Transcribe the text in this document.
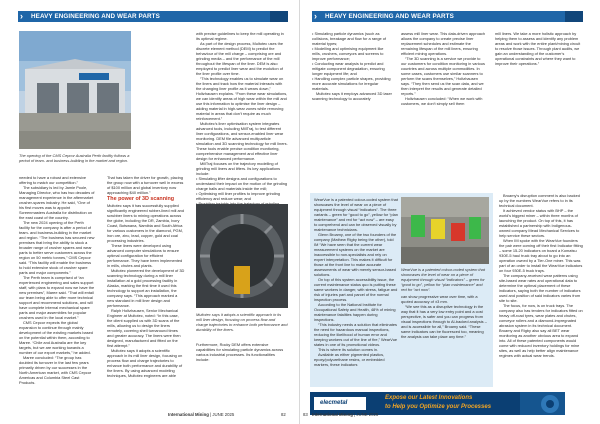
› HEAVY ENGINEERING AND WEAR PARTS
The opening of the CMS Cepcor Australia Perth facility follows a period of team- and business-building in the market and region.

needed to have a robust and extensive offering to match our competition.”

The subsidiary is led by Jamie Poole, Managing Director, who has two decades of management experience in the aftermarket crusher-spares industry. He said, “One of his first moves was to appoint Screenmasters Australia for distribution on the east coast of the country.

The new 2024 opening of the Perth facility for the company is after a period of team- and business-building in the market and region. “The business has secured new premises that bring the ability to stock a broader range of crusher spares and wear parts to better serve customers across the region on 50 metric tonnes,” CMS Cepcor said. “This facility will enable the business to hold extensive stock of crusher spare parts and major components.”

The Perth team is comprised of “an experienced engineering and sales support staff, with plans to expand now we have the new premises”, Maree said. “That will entail our team being able to offer more technical support and recommend solutions, and will have complete internal mechanical spare parts and major assemblies for popular crushers used in the local market.”

CMS Cepcor expects the global expansion to continue through mainly development of the existing markets based on the potential within them, according to Maree. “Chile and Australia are the key targets, but we are working towards a number of our export markets,” he added.

Maree concluded: “The group has doubled its turnover in the last few years primarily driven by our successes in the North American market, with CMS Cepcor Americas and Columbia Steel Cast Products.

That has taken the driver for growth, placing the group now with a turnover well in excess of $100 million and global inventory now approaching $40 million.”

The power of 3D scanning

Multotec says it has successfully supplied significantly engineered rubber-lined mill and scrubber liners to mining operations across the globe, including the DR, Zambia, Ivory Coast, Botswana, Namibia and South Africa for various customers in the diamond, PGM, iron ore, zinc, lead, copper, gold and coal processing industries.

These liners were developed using advanced computer simulations to ensure optimal configuration for efficient performance. They have been implemented in mills, chutes and plants.

Multotec pioneered the development of 3D scanning technology during a mill liner installation at a gold processing facility in Alaska, marking the first time it used this technology to support an installation, the company says. “This approach marked a new standard in mill liner design and performance.

Ralph Holtzhausen, Senior Mechanical Engineer at Multotec, noted: “In this case, the client supplied us with 3D scans of the mills, allowing us to design the liners remotely, covering shell turnaround times and greater accuracy. The liners were then designed, manufactured and fitted on the first attempt.”

Multotec says it adopts a scientific approach in its mill liner design, focusing on process flow and charge trajectories to enhance both performance and durability of the liners. By using advanced modeling techniques, Multotec engineers are able

with precise guidelines to keep the mill operating in its optimal regime.

As part of the design process, Multotec uses the discrete element method (DEM) to predict the behaviour of the mill charge – comprising ore and grinding media – and the performance of the mill throughout the lifespan of the liner. DEM is also employed to predict liner wear and the evolution of the liner profile over time.

“This technology enables us to simulate wear on the liners and track how the material interacts with the changing liner profile as it wears down,” Holtzhausen explains. “From these wear simulations, we can identify areas of high wear within the mill and use this information to optimise the liner design – adding material in high-wear zones while removing material in areas that don’t require as much reinforcement.”

Multotec’s liner optimisation system integrates advanced tools, including MillTraj, to test different liner configurations, and sensor-enabled liner wear monitoring. DEM file advanced multiparticle simulation and 3D scanning technology for mill liners. These tools enable precise condition monitoring, comprehensive management and effective liner design for enhanced performance.

MillTraj focuses on the trajectory modelling of grinding mill liners and lifters. Its key applications include:

• Simulating lifter designs and configurations to understand their impact on the motion of the grinding charge balls and materials inside the mill;

• Optimising mill liner profiles to improve grinding efficiency and reduce wear; and

Multotec says it adopts a scientific approach in its mill liner design, focusing on process flow and charge trajectories to enhance both performance and durability of the liners.

Furthermore, Rocky DEM offers extensive capabilities for simulating particle dynamics across various industrial processes. Its functionalities include:

International Mining | JUNE 2025	82
› HEAVY ENGINEERING AND WEAR PARTS

• Simulating particle dynamics (such as collisions, breakage and flow for a range of material types;

• Modelling and optimising equipment like mills, crushers, conveyors and screens to improve performance;

• Conducting wear analysis to predict and mitigate component degradation, ensuring longer equipment life; and

• Handling complex particle shapes, providing more accurate simulations for irregular materials.

Multotec says it employs advanced 3D laser scanning technology to accurately

assess mill liner wear. This data-driven approach allows the company to create precise liner replacement schedules and estimate the remaining lifespan of the mill liners, ensuring efficient mining operations.

“The 3D scanning is a service we provide to our customers for condition monitoring in various countries and across multiple commodities. In some cases, customers use similar scanners to perform the scans themselves,” Holtzhausen says. “They then send us the scan data, and we then interpret the results and generate detailed reports.”

Holtzhausen concluded: “When we work with customers, we don’t simply sell them

mill liners. We take a more holistic approach by helping them to assess and identify any problem areas and work with the entire plant/mining circuit to resolve those issues. Through plant audits, we gain an understanding of the customer’s operational constraints and where they want to improve their operations.”

WearVue is a patented colour-coded system that showcases the level of wear on a piece of equipment through visual “indicators”. The three variants – green for “good to go”, yellow for “plan maintenance” and red for “act now” – are easy to comprehend and can be observed visually by maintenance technicians.

Glenn Broamy, one of the two founders of the company (Mathew Rigby being the other), told IM “We have seen that the current wear measurement systems on the market are inaccessible to non-specialists and rely on expert interpretation. This makes it difficult for those at the front line to make accurate assessments of wear with merely sensor-based solutions.

On top of this system accessibility issue, the current maintenance status quo is putting these same workers in danger, with stress, fatigue and risk of injuries part and parcel of the normal inspection process.

According to the National Institute for Occupational Safety and Health, 48% of mining maintenance fatalities happen during inspections.

“This industry needs a solution that eliminates the need for hazardous manual inspections, reducing the likelihood of human error and keeping workers out of the line of fire,” WearVue states in one of its promotional videos.

This is where its solution comes in.

Available as either pigmented plastics, epoxy/polyurethane resins, or embedded markers, these indicators

WearVue is a patented colour-coded system that showcases the level of wear on a piece of equipment through visual “indicators” – green for “good to go”, yellow for “plan maintenance” and red for “act now”.

can show progressive wear over time, with a quoted accuracy of ±3 mm.

“We see this as a disruptive technology in the way that it has a very low entry point and a cost perspective, is safer and you can progress from visual inspections through to AI-backed analysis – and is accessible for all,” Broamy said. “These same indicators can be fluoresced too, meaning the analysis can take place any time.”

Broamy’s disruption comment is also backed up by the numbers WearVue refers to in its technical document.

It achieved vendor status with BHP – the world’s biggest miner – within three months of launching the product. On top of this, it has established a partnership with Indigenous-owned company Mead Mechanical Services to help service these sectors.

When IM spoke with the WearVue founders the pair were coming off their first Indicator fitting – some 15-20 indicators on board a Komatsu 930E-5 haul truck tray about to go into an operation owned by a Tier-One miner. This was part of an order to install the WearVue indicators on four 930E-5 truck trays.

The company-received wear patterns using site-based wear rates and operational data to determine the optimal placement of these indicators, saying both the number of indicators used and position of said indicators varies from site to site.

The focus, for now, is on truck trays. The company also has tenders for indicators fitted on heavy off-road tyres, wear plates and chutes, conveyor rollers and a diamond-impregnated abrasion system in its technical document. Broamy and Rigby also say all BET wear monitoring as another obvious area to expand into. All of these patented components would come with reduced inventory holdings for mine sites, as well as help better align maintenance regimes with actual wear trends.

elecmetal
Expose our Latest Innovations
to Help you Optimize your Processes
International Mining | JUNE 2025
83
